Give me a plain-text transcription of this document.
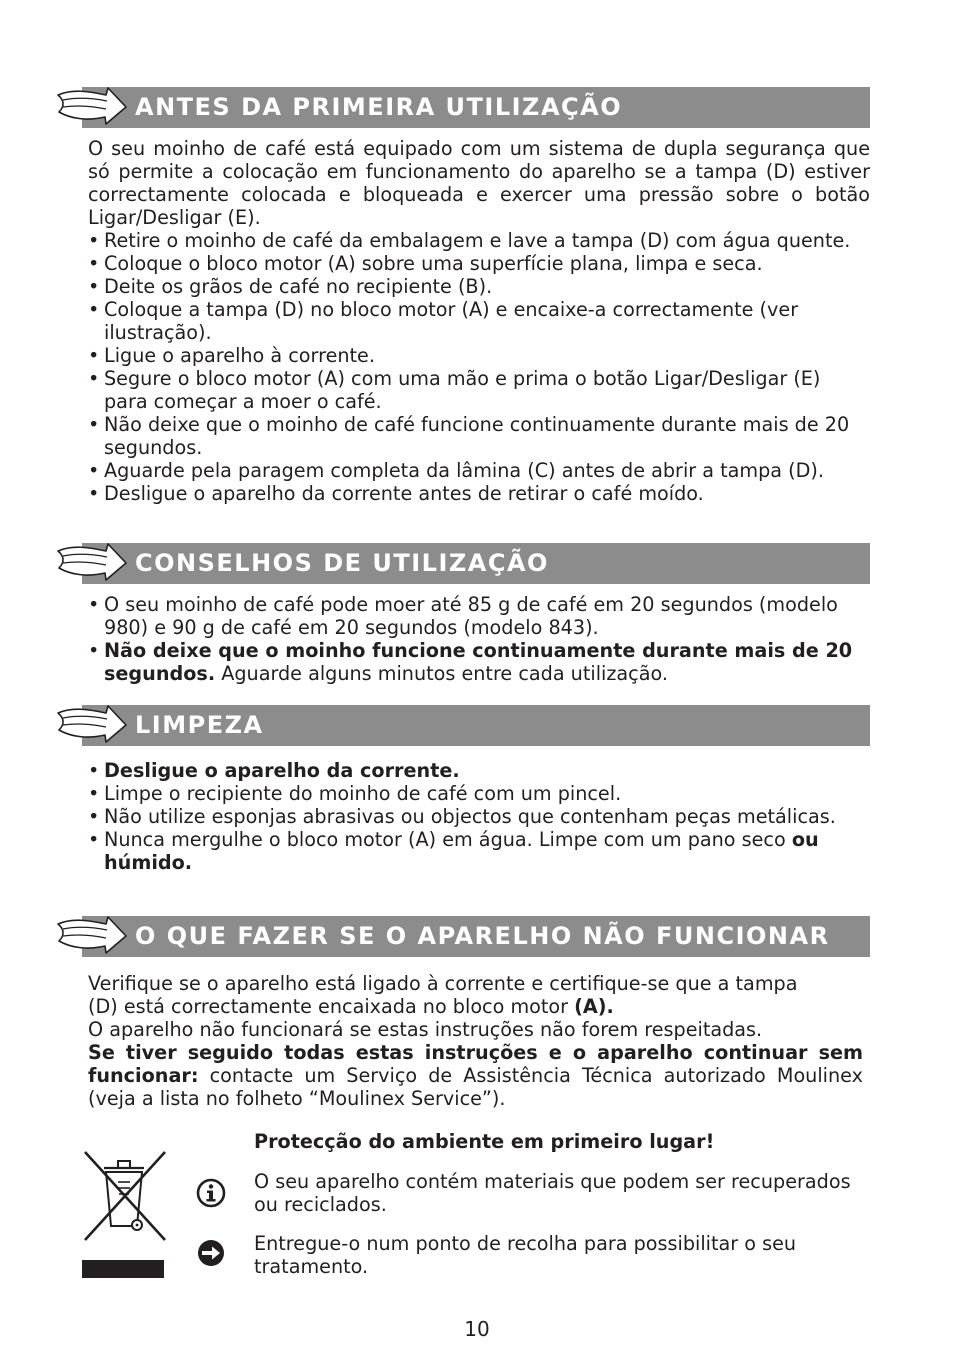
ANTES DA PRIMEIRA UTILIZAÇÃO

O seu moinho de café está equipado com um sistema de dupla segurança que só permite a colocação em funcionamento do aparelho se a tampa (D) estiver correctamente colocada e bloqueada e exercer uma pressão sobre o botão Ligar/Desligar (E).

• Retire o moinho de café da embalagem e lave a tampa (D) com água quente.
• Coloque o bloco motor (A) sobre uma superfície plana, limpa e seca.
• Deite os grãos de café no recipiente (B).
• Coloque a tampa (D) no bloco motor (A) e encaixe-a correctamente (ver ilustração).
• Ligue o aparelho à corrente.
• Segure o bloco motor (A) com uma mão e prima o botão Ligar/Desligar (E) para começar a moer o café.
• Não deixe que o moinho de café funcione continuamente durante mais de 20 segundos.
• Aguarde pela paragem completa da lâmina (C) antes de abrir a tampa (D).
• Desligue o aparelho da corrente antes de retirar o café moído.
CONSELHOS DE UTILIZAÇÃO
• O seu moinho de café pode moer até 85 g de café em 20 segundos (modelo 980) e 90 g de café em 20 segundos (modelo 843).
• Não deixe que o moinho funcione continuamente durante mais de 20 segundos. Aguarde alguns minutos entre cada utilização.
LIMPEZA
• Desligue o aparelho da corrente.
• Limpe o recipiente do moinho de café com um pincel.
• Não utilize esponjas abrasivas ou objectos que contenham peças metálicas.
• Nunca mergulhe o bloco motor (A) em água. Limpe com um pano seco ou húmido.
O QUE FAZER SE O APARELHO NÃO FUNCIONAR
Verifique se o aparelho está ligado à corrente e certifique-se que a tampa
(D) está correctamente encaixada no bloco motor (A).
O aparelho não funcionará se estas instruções não forem respeitadas.

Se tiver seguido todas estas instruções e o aparelho continuar sem funcionar: contacte um Serviço de Assistência Técnica autorizado Moulinex (veja a lista no folheto “Moulinex Service”).

Protecção do ambiente em primeiro lugar!
O seu aparelho contém materiais que podem ser recuperados ou reciclados.
Entregue-o num ponto de recolha para possibilitar o seu tratamento.
10
